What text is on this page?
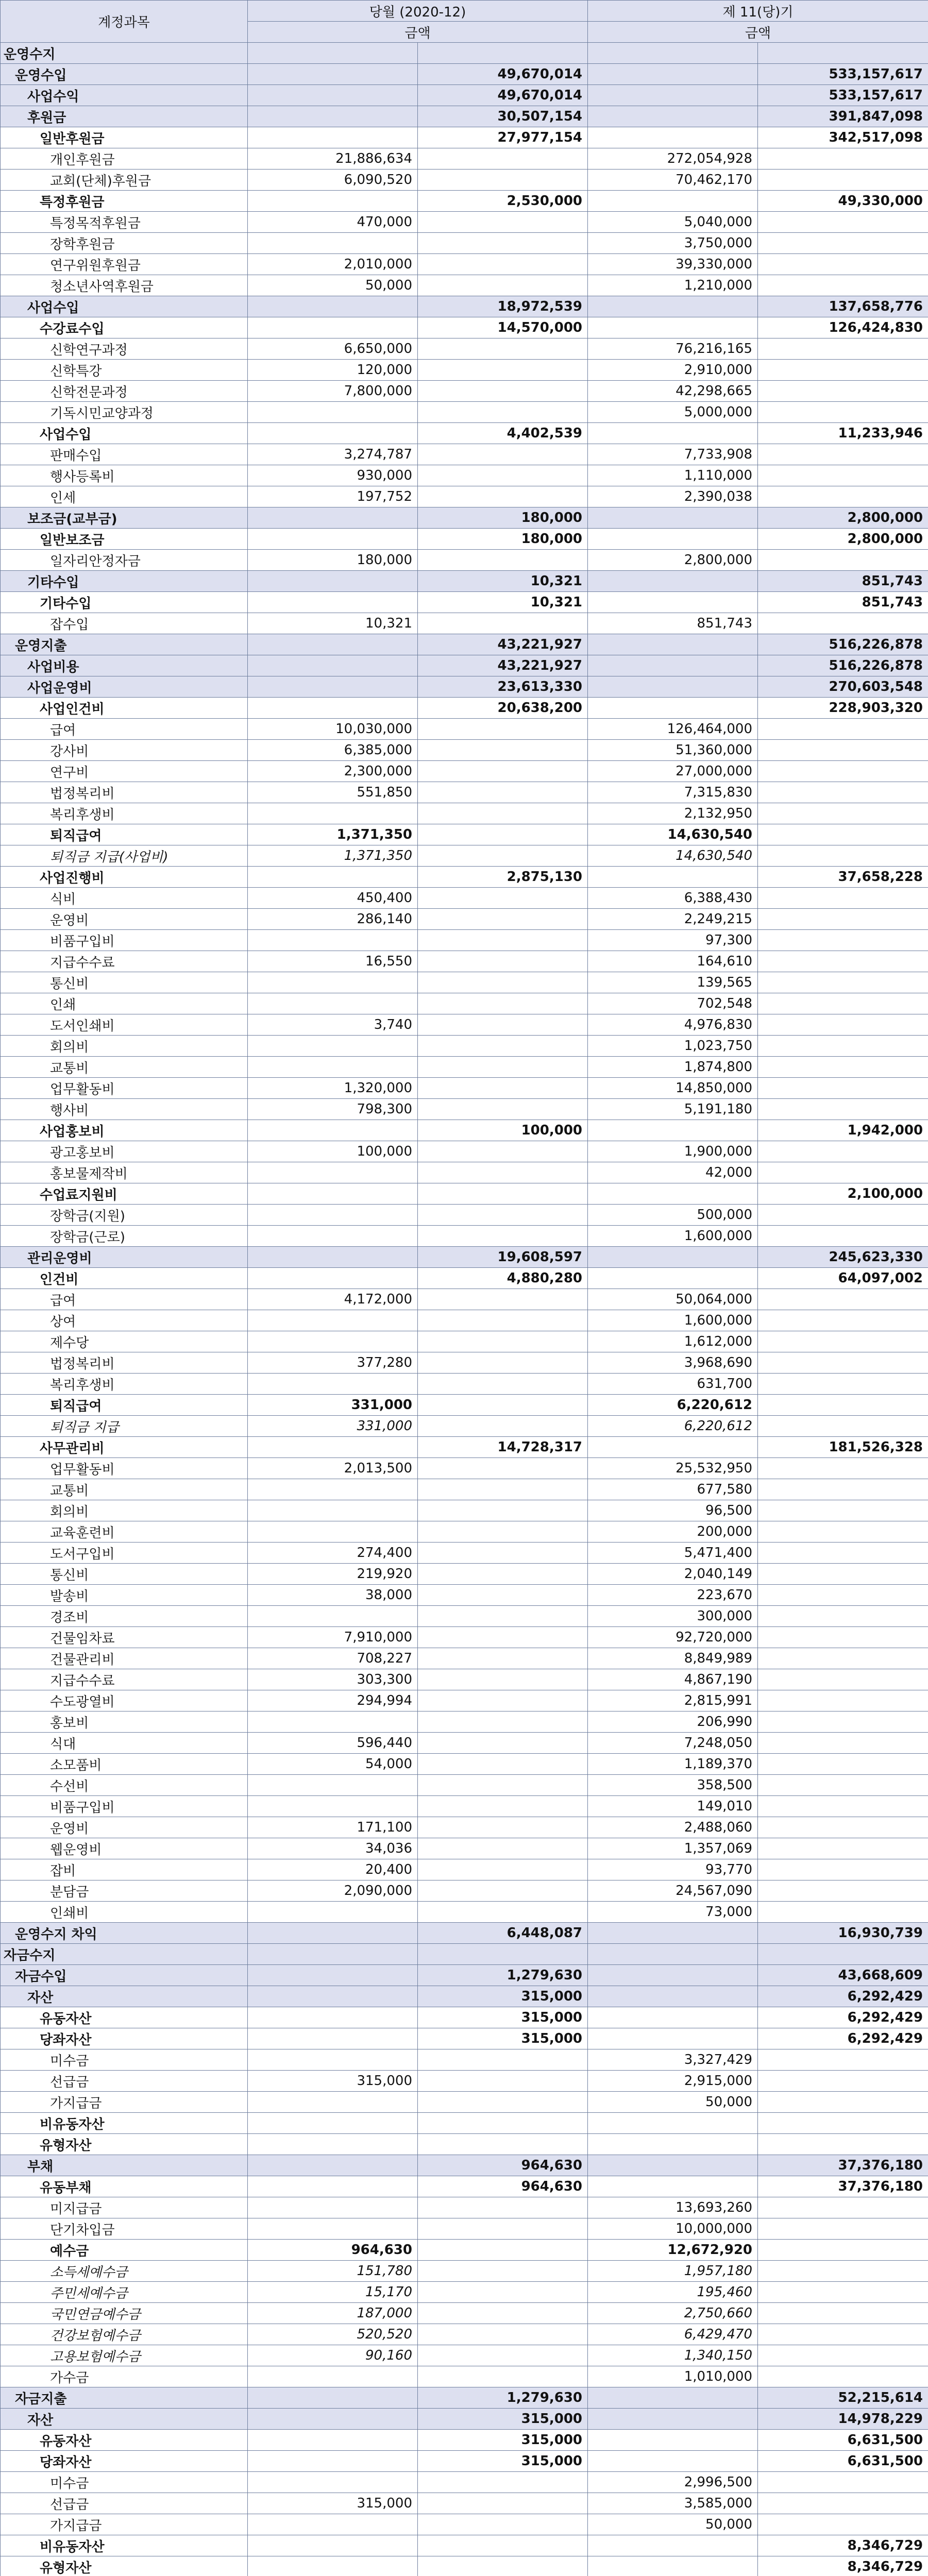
계정과목	당월 (2020-12)		제 11(당)기	
	금액		금액	
운영수지				
운영수입		49,670,014		533,157,617
사업수익		49,670,014		533,157,617
후원금		30,507,154		391,847,098
일반후원금		27,977,154		342,517,098
개인후원금	21,886,634		272,054,928	
교회(단체)후원금	6,090,520		70,462,170	
특정후원금		2,530,000		49,330,000
특정목적후원금	470,000		5,040,000	
장학후원금			3,750,000	
연구위원후원금	2,010,000		39,330,000	
청소년사역후원금	50,000		1,210,000	
사업수입		18,972,539		137,658,776
수강료수입		14,570,000		126,424,830
신학연구과정	6,650,000		76,216,165	
신학특강	120,000		2,910,000	
신학전문과정	7,800,000		42,298,665	
기독시민교양과정			5,000,000	
사업수입		4,402,539		11,233,946
판매수입	3,274,787		7,733,908	
행사등록비	930,000		1,110,000	
인세	197,752		2,390,038	
보조금(교부금)		180,000		2,800,000
일반보조금		180,000		2,800,000
일자리안정자금	180,000		2,800,000	
기타수입		10,321		851,743
기타수입		10,321		851,743
잡수입	10,321		851,743	
운영지출		43,221,927		516,226,878
사업비용		43,221,927		516,226,878
사업운영비		23,613,330		270,603,548
사업인건비		20,638,200		228,903,320
급여	10,030,000		126,464,000	
강사비	6,385,000		51,360,000	
연구비	2,300,000		27,000,000	
법정복리비	551,850		7,315,830	
복리후생비			2,132,950	
퇴직급여	1,371,350		14,630,540	
퇴직금 지급(사업비)	1,371,350		14,630,540	
사업진행비		2,875,130		37,658,228
식비	450,400		6,388,430	
운영비	286,140		2,249,215	
비품구입비			97,300	
지급수수료	16,550		164,610	
통신비			139,565	
인쇄			702,548	
도서인쇄비	3,740		4,976,830	
회의비			1,023,750	
교통비			1,874,800	
업무활동비	1,320,000		14,850,000	
행사비	798,300		5,191,180	
사업홍보비		100,000		1,942,000
광고홍보비	100,000		1,900,000	
홍보물제작비			42,000	
수업료지원비				2,100,000
장학금(지원)			500,000	
장학금(근로)			1,600,000	
관리운영비		19,608,597		245,623,330
인건비		4,880,280		64,097,002
급여	4,172,000		50,064,000	
상여			1,600,000	
제수당			1,612,000	
법정복리비	377,280		3,968,690	
복리후생비			631,700	
퇴직급여	331,000		6,220,612	
퇴직금 지급	331,000		6,220,612	
사무관리비		14,728,317		181,526,328
업무활동비	2,013,500		25,532,950	
교통비			677,580	
회의비			96,500	
교육훈련비			200,000	
도서구입비	274,400		5,471,400	
통신비	219,920		2,040,149	
발송비	38,000		223,670	
경조비			300,000	
건물임차료	7,910,000		92,720,000	
건물관리비	708,227		8,849,989	
지급수수료	303,300		4,867,190	
수도광열비	294,994		2,815,991	
홍보비			206,990	
식대	596,440		7,248,050	
소모품비	54,000		1,189,370	
수선비			358,500	
비품구입비			149,010	
운영비	171,100		2,488,060	
웹운영비	34,036		1,357,069	
잡비	20,400		93,770	
분담금	2,090,000		24,567,090	
인쇄비			73,000	
운영수지 차익		6,448,087		16,930,739
자금수지				
자금수입		1,279,630		43,668,609
자산		315,000		6,292,429
유동자산		315,000		6,292,429
당좌자산		315,000		6,292,429
미수금			3,327,429	
선급금	315,000		2,915,000	
가지급금			50,000	
비유동자산				
유형자산				
부채		964,630		37,376,180
유동부채		964,630		37,376,180
미지급금			13,693,260	
단기차입금			10,000,000	
예수금	964,630		12,672,920	
소득세예수금	151,780		1,957,180	
주민세예수금	15,170		195,460	
국민연금예수금	187,000		2,750,660	
건강보험예수금	520,520		6,429,470	
고용보험예수금	90,160		1,340,150	
가수금			1,010,000	
자금지출		1,279,630		52,215,614
자산		315,000		14,978,229
유동자산		315,000		6,631,500
당좌자산		315,000		6,631,500
미수금			2,996,500	
선급금	315,000		3,585,000	
가지급금			50,000	
비유동자산				8,346,729
유형자산				8,346,729
